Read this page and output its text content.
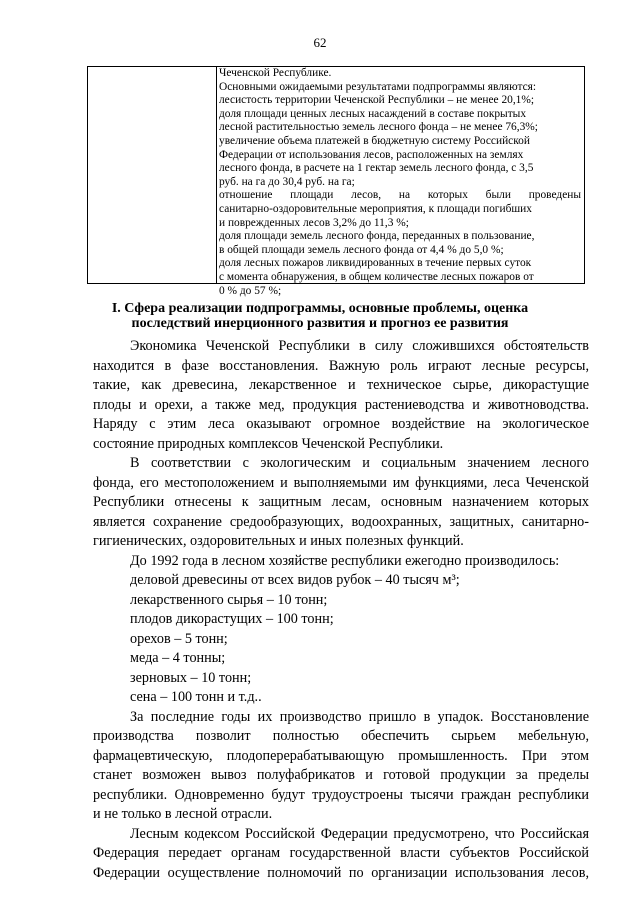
62
Чеченской Республике.
Основными ожидаемыми результатами подпрограммы являются:
лесистость территории Чеченской Республики – не менее 20,1%;
доля площади ценных лесных насаждений в составе покрытых
лесной растительностью земель лесного фонда – не менее 76,3%;
увеличение объема платежей в бюджетную систему Российской
Федерации от использования лесов, расположенных на землях
лесного фонда, в расчете на 1 гектар земель лесного фонда, с 3,5
руб. на га до 30,4 руб. на га;
отношение площади лесов, на которых были проведены
санитарно-оздоровительные мероприятия, к площади погибших
и поврежденных лесов 3,2% до 11,3 %;
доля площади земель лесного фонда, переданных в пользование,
в общей площади земель лесного фонда от 4,4 % до 5,0 %;
доля лесных пожаров ликвидированных в течение первых суток
с момента обнаружения, в общем количестве лесных пожаров от
0 % до 57 %;
I. Сфера реализации подпрограммы, основные проблемы, оценка
последствий инерционного развития и прогноз ее развития
Экономика Чеченской Республики в силу сложившихся обстоятельств
находится в фазе восстановления. Важную роль играют лесные ресурсы,
такие, как древесина, лекарственное и техническое сырье, дикорастущие
плоды и орехи, а также мед, продукция растениеводства и животноводства.
Наряду с этим леса оказывают огромное воздействие на экологическое
состояние природных комплексов Чеченской Республики.
В соответствии с экологическим и социальным значением лесного
фонда, его местоположением и выполняемыми им функциями, леса Чеченской
Республики отнесены к защитным лесам, основным назначением которых
является сохранение средообразующих, водоохранных, защитных, санитарно-
гигиенических, оздоровительных и иных полезных функций.
До 1992 года в лесном хозяйстве республики ежегодно производилось:
деловой древесины от всех видов рубок – 40 тысяч м³;
лекарственного сырья – 10 тонн;
плодов дикорастущих – 100 тонн;
орехов – 5 тонн;
меда – 4 тонны;
зерновых – 10 тонн;
сена – 100 тонн и т.д..
За последние годы их производство пришло в упадок. Восстановление
производства позволит полностью обеспечить сырьем мебельную,
фармацевтическую, плодоперерабатывающую промышленность. При этом
станет возможен вывоз полуфабрикатов и готовой продукции за пределы
республики. Одновременно будут трудоустроены тысячи граждан республики
и не только в лесной отрасли.
Лесным кодексом Российской Федерации предусмотрено, что Российская
Федерация передает органам государственной власти субъектов Российской
Федерации осуществление полномочий по организации использования лесов,
